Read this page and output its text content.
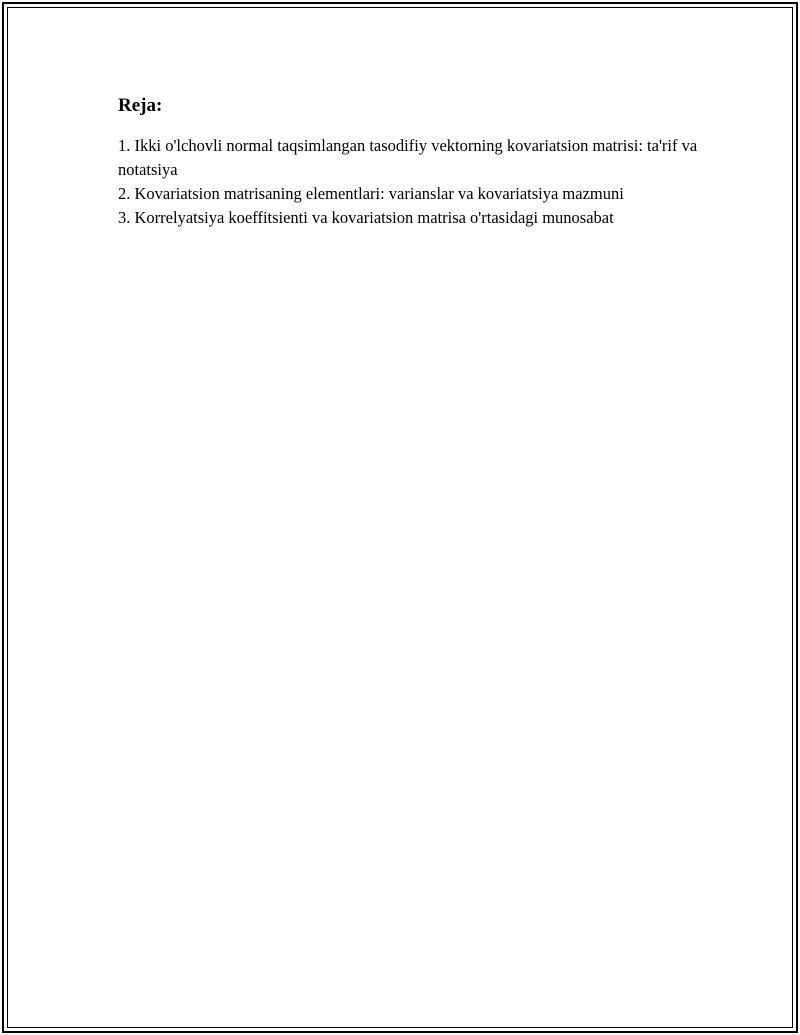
Reja:
1. Ikki o'lchovli normal taqsimlangan tasodifiy vektorning kovariatsion matrisi: ta'rif va notatsiya
2. Kovariatsion matrisaning elementlari: varianslar va kovariatsiya mazmuni
3. Korrelyatsiya koeffitsienti va kovariatsion matrisa o'rtasidagi munosabat
